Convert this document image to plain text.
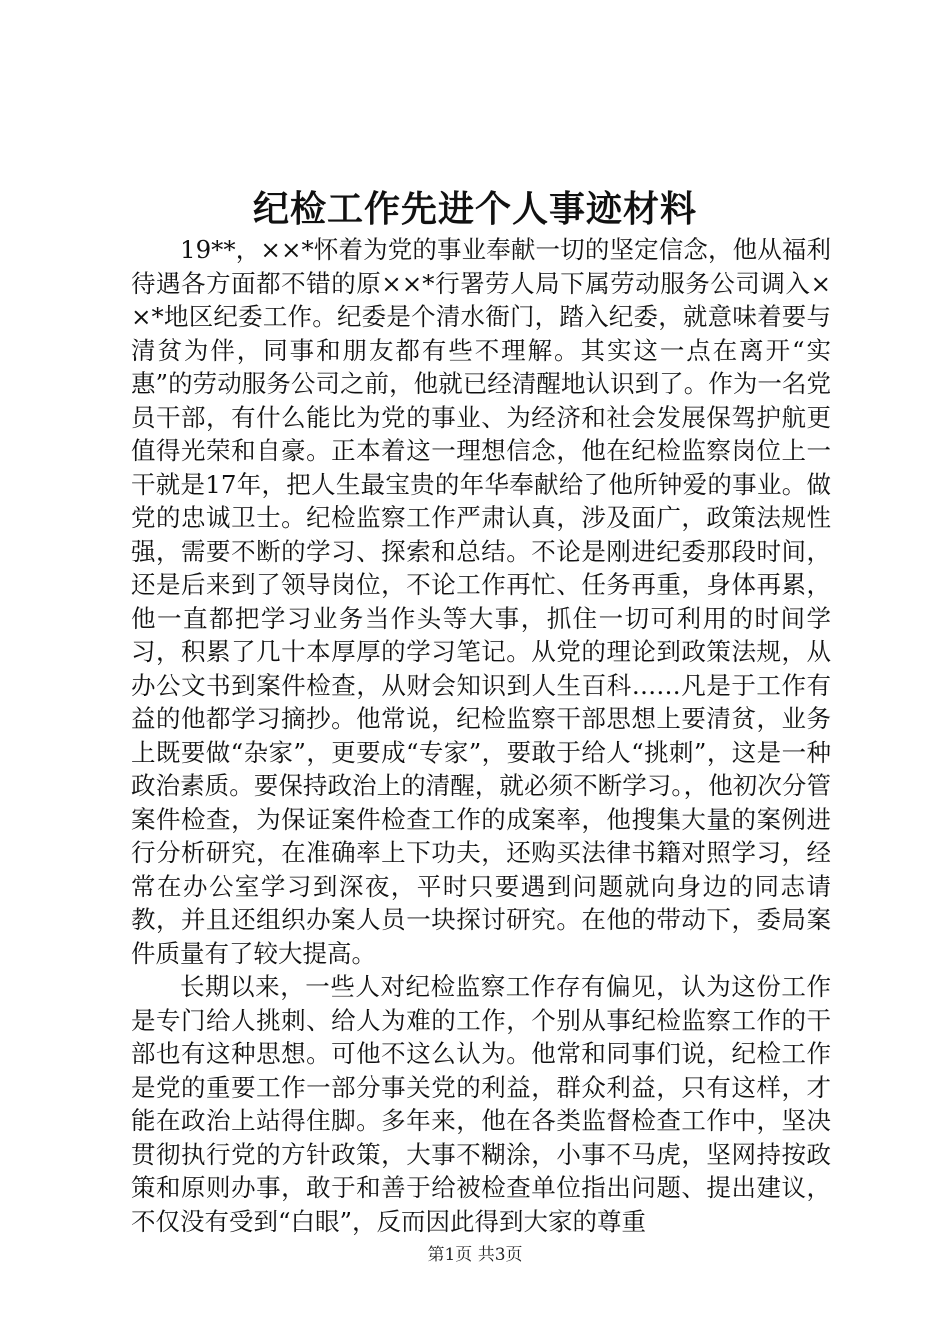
纪检工作先进个人事迹材料

19**，××*怀着为党的事业奉献一切的坚定信念，他从福利待遇各方面都不错的原××*行署劳人局下属劳动服务公司调入××*地区纪委工作。纪委是个清水衙门，踏入纪委，就意味着要与清贫为伴，同事和朋友都有些不理解。其实这一点在离开“实惠”的劳动服务公司之前，他就已经清醒地认识到了。作为一名党员干部，有什么能比为党的事业、为经济和社会发展保驾护航更值得光荣和自豪。正本着这一理想信念，他在纪检监察岗位上一干就是17年，把人生最宝贵的年华奉献给了他所钟爱的事业。做党的忠诚卫士。纪检监察工作严肃认真，涉及面广，政策法规性强，需要不断的学习、探索和总结。不论是刚进纪委那段时间，还是后来到了领导岗位，不论工作再忙、任务再重，身体再累，他一直都把学习业务当作头等大事，抓住一切可利用的时间学习，积累了几十本厚厚的学习笔记。从党的理论到政策法规，从办公文书到案件检查，从财会知识到人生百科……凡是于工作有益的他都学习摘抄。他常说，纪检监察干部思想上要清贫，业务上既要做“杂家”，更要成“专家”，要敢于给人“挑刺”，这是一种政治素质。要保持政治上的清醒，就必须不断学习。，他初次分管案件检查，为保证案件检查工作的成案率，他搜集大量的案例进行分析研究，在准确率上下功夫，还购买法律书籍对照学习，经常在办公室学习到深夜，平时只要遇到问题就向身边的同志请教，并且还组织办案人员一块探讨研究。在他的带动下，委局案件质量有了较大提高。

长期以来，一些人对纪检监察工作存有偏见，认为这份工作是专门给人挑刺、给人为难的工作，个别从事纪检监察工作的干部也有这种思想。可他不这么认为。他常和同事们说，纪检工作是党的重要工作一部分事关党的利益，群众利益，只有这样，才能在政治上站得住脚。多年来，他在各类监督检查工作中，坚决贯彻执行党的方针政策，大事不糊涂，小事不马虎，坚网持按政策和原则办事，敢于和善于给被检查单位指出问题、提出建议，不仅没有受到“白眼”，反而因此得到大家的尊重

第1页 共3页
